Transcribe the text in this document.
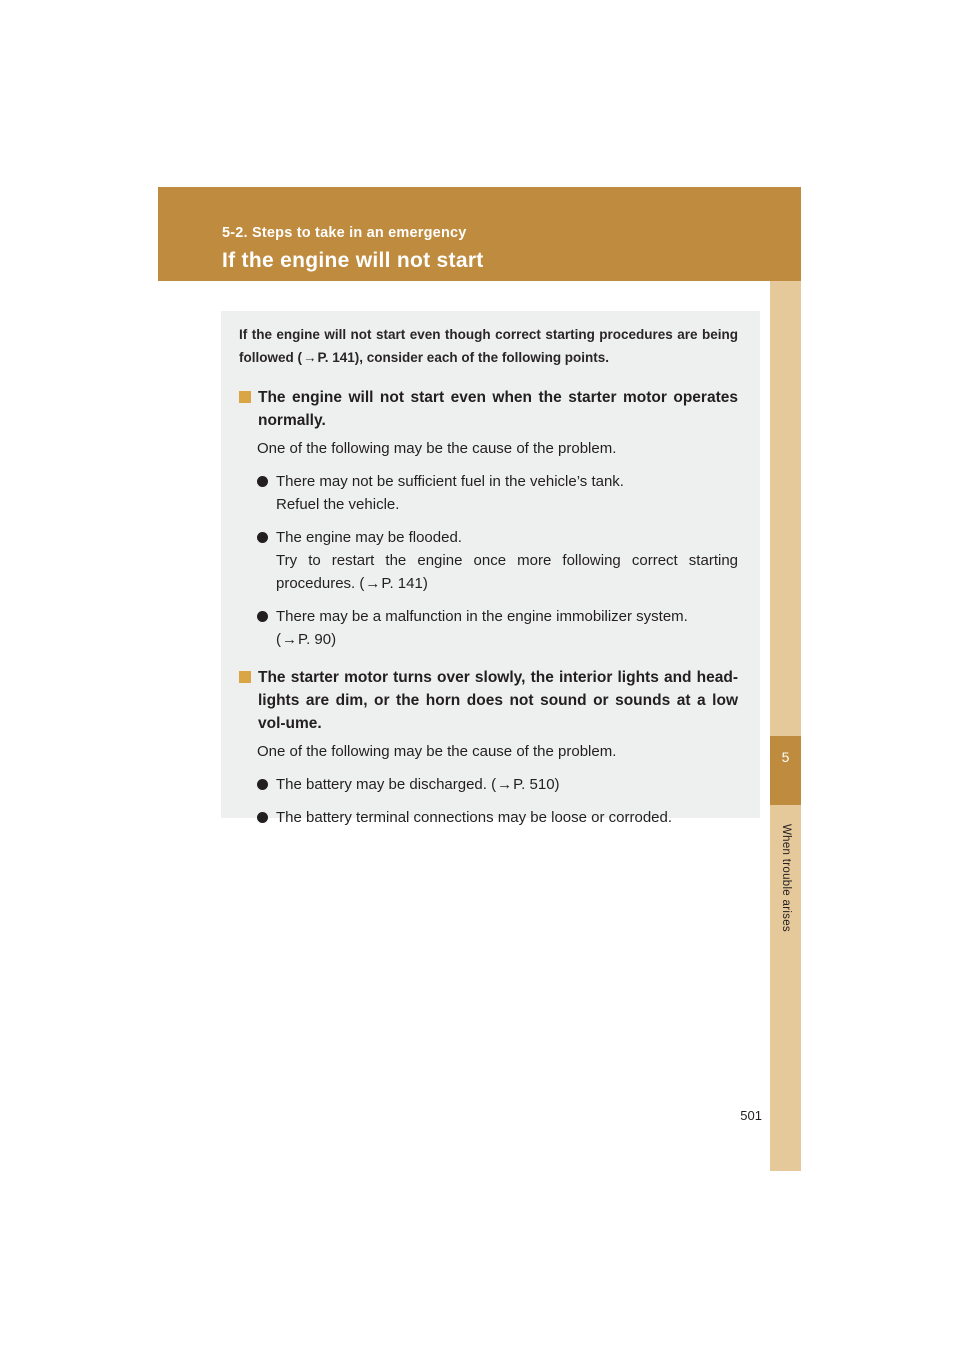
5-2. Steps to take in an emergency
If the engine will not start
5
When trouble arises

If the engine will not start even though correct starting procedures are being followed (→P. 141), consider each of the following points.

The engine will not start even when the starter motor operates normally.

One of the following may be the cause of the problem.

There may not be sufficient fuel in the vehicle’s tank.
Refuel the vehicle.
The engine may be flooded.
Try to restart the engine once more following correct starting procedures. (→P. 141)
There may be a malfunction in the engine immobilizer system.
(→P. 90)

The starter motor turns over slowly, the interior lights and head-lights are dim, or the horn does not sound or sounds at a low vol-ume.

One of the following may be the cause of the problem.

The battery may be discharged. (→P. 510)
The battery terminal connections may be loose or corroded.
501
